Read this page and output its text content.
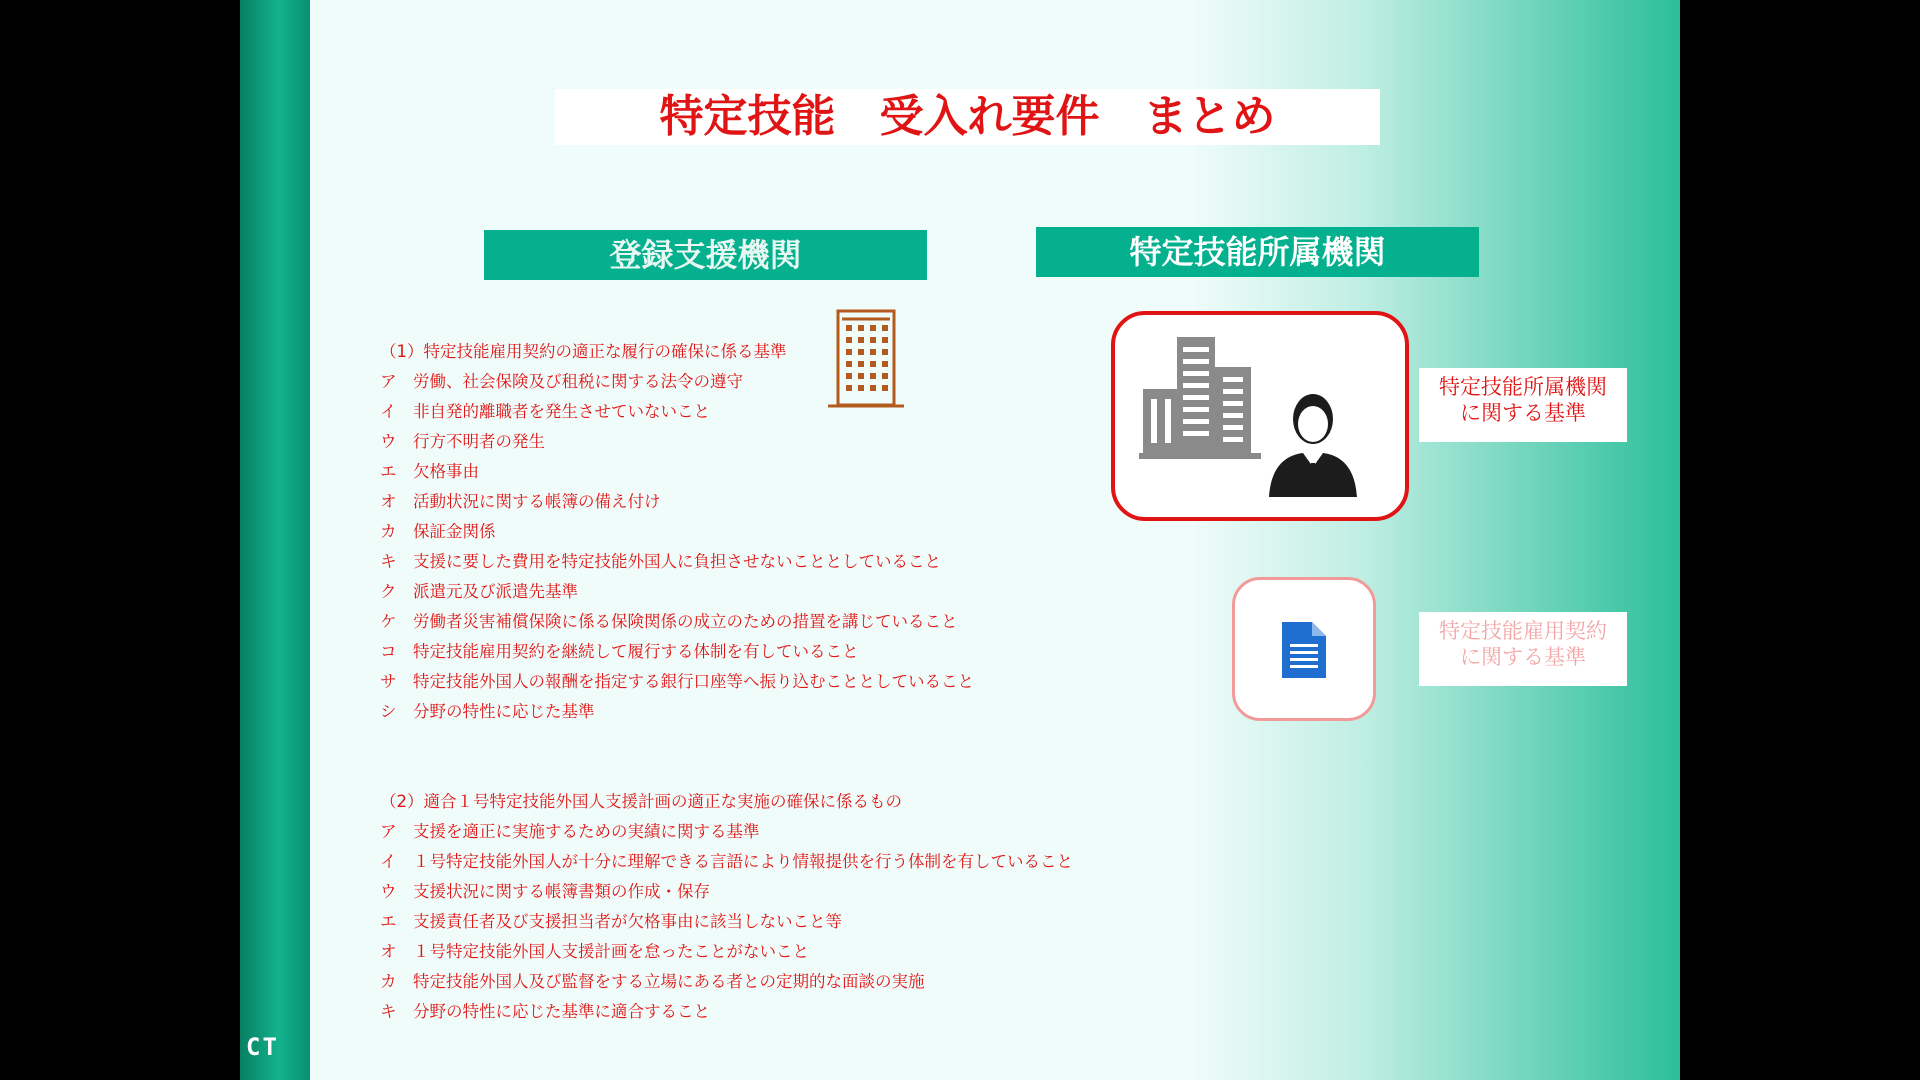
CT
特定技能　受入れ要件　まとめ
登録支援機関	特定技能所属機関
（1）特定技能雇用契約の適正な履行の確保に係る基準
ア　労働、社会保険及び租税に関する法令の遵守
イ　非自発的離職者を発生させていないこと
ウ　行方不明者の発生
エ　欠格事由
オ　活動状況に関する帳簿の備え付け
カ　保証金関係
キ　支援に要した費用を特定技能外国人に負担させないこととしていること
ク　派遣元及び派遣先基準
ケ　労働者災害補償保険に係る保険関係の成立のための措置を講じていること
コ　特定技能雇用契約を継続して履行する体制を有していること
サ　特定技能外国人の報酬を指定する銀行口座等へ振り込むこととしていること
シ　分野の特性に応じた基準
（2）適合１号特定技能外国人支援計画の適正な実施の確保に係るもの
ア　支援を適正に実施するための実績に関する基準
イ　１号特定技能外国人が十分に理解できる言語により情報提供を行う体制を有していること
ウ　支援状況に関する帳簿書類の作成・保存
エ　支援責任者及び支援担当者が欠格事由に該当しないこと等
オ　１号特定技能外国人支援計画を怠ったことがないこと
カ　特定技能外国人及び監督をする立場にある者との定期的な面談の実施
キ　分野の特性に応じた基準に適合すること
特定技能所属機関
に関する基準
特定技能雇用契約
に関する基準
